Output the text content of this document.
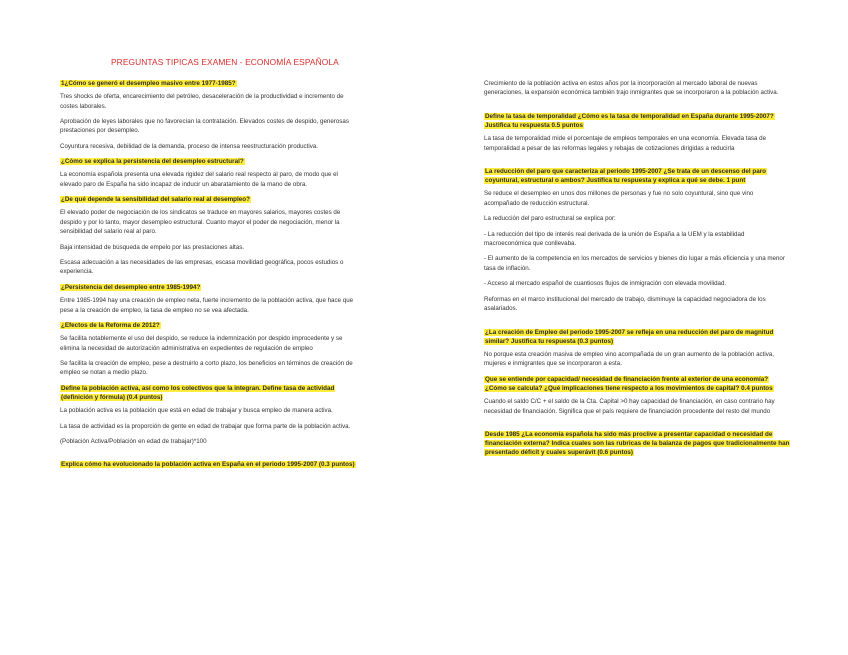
PREGUNTAS TIPICAS EXAMEN - ECONOMÍA ESPAÑOLA
1¿Cómo se generó el desempleo masivo entre 1977-1985?
Tres shocks de oferta, encarecimiento del petróleo, desaceleración de la productividad e incremento de costes laborales.
Aprobación de leyes laborales que no favorecían la contratación. Elevados costes de despido, generosas prestaciones por desempleo.
Coyuntura recesiva, debilidad de la demanda, proceso de intensa reestructuración productiva.
¿Cómo se explica la persistencia del desempleo estructural?
La economía española presenta una elevada rigidez del salario real respecto al paro, de modo que el elevado paro de España ha sido incapaz de inducir un abaratamiento de la mano de obra.
¿De qué depende la sensibilidad del salario real al desempleo?
El elevado poder de negociación de los sindicatos se traduce en mayores salarios, mayores costes de despido y por lo tanto, mayor desempleo estructural. Cuanto mayor el poder de negociación, menor la sensibilidad del salario real al paro.
Baja intensidad de búsqueda de empelo por las prestaciones altas.
Escasa adecuación a las necesidades de las empresas, escasa movilidad geográfica, pocos estudios o experiencia.
¿Persistencia del desempleo entre 1985-1994?
Entre 1985-1994 hay una creación de empleo neta, fuerte incremento de la población activa, que hace que pese a la creación de empleo, la tasa de empleo no se vea afectada.
¿Efectos de la Reforma de 2012?
Se facilita notablemente el uso del despido, se reduce la indemnización por despido improcedente y se elimina la necesidad de autorización administrativa en expedientes de regulación de empleo
Se facilita la creación de empleo, pese a destruirlo a corto plazo, los beneficios en términos de creación de empleo se notan a medio plazo.
Define la población activa, así como los colectivos que la integran. Define tasa de actividad (definición y fórmula) (0.4 puntos)
La población activa es la población que está en edad de trabajar y busca empleo de manera activa.
La tasa de actividad es la proporción de gente en edad de trabajar que forma parte de la población activa.
(Población Activa/Población en edad de trabajar)*100
Explica cómo ha evolucionado la población activa en España en el periodo 1995-2007 (0.3 puntos)
Crecimiento de la población activa en estos años por la incorporación al mercado laboral de nuevas generaciones, la expansión económica también trajo inmigrantes que se incorporaron a la población activa.
Define la tasa de temporalidad ¿Cómo es la tasa de temporalidad en España durante 1995-2007? Justifica tu respuesta 0.5 puntos
La tasa de temporalidad mide el porcentaje de empleos temporales en una economía. Elevada tasa de temporalidad a pesar de las reformas legales y rebajas de cotizaciones dirigidas a reducirla
La reducción del paro que caracteriza al periodo 1995-2007 ¿Se trata de un descenso del paro coyuntural, estructural o ambos? Justifica tu respuesta y explica a qué se debe. 1 punt
Se reduce el desempleo en unos dos millones de personas y fue no solo coyuntural, sino que vino acompañado de reducción estructural.
La reducción del paro estructural se explica por:
- La reducción del tipo de interés real derivada de la unión de España a la UEM y la estabilidad macroeconómica que conllevaba.
- El aumento de la competencia en los mercados de servicios y bienes dio lugar a más eficiencia y una menor tasa de inflación.
- Acceso al mercado español de cuantiosos flujos de inmigración con elevada movilidad.
Reformas en el marco institucional del mercado de trabajo, disminuye la capacidad negociadora de los asalariados.
¿La creación de Empleo del periodo 1995-2007 se refleja en una reducción del paro de magnitud similar? Justifica tu respuesta (0.3 puntos)
No porque esta creación masiva de empleo vino acompañada de un gran aumento de la población activa, mujeres e inmigrantes que se incorporaron a esta.
Que se entiende por capacidad/ necesidad de financiación frente al exterior de una economía? ¿Cómo se calcula? ¿Qué implicaciones tiene respecto a los movimientos de capital? 0.4 puntos
Cuando el saldo C/C + el saldo de la Cta. Capital >0 hay capacidad de financiación, en caso contrario hay necesidad de financiación. Significa que el país requiere de financiación procedente del resto del mundo
Desde 1985 ¿La economía española ha sido más proclive a presentar capacidad o necesidad de financiación externa? Indica cuales son las rubricas de la balanza de pagos que tradicionalmente han presentado déficit y cuales superávit (0.6 puntos)
